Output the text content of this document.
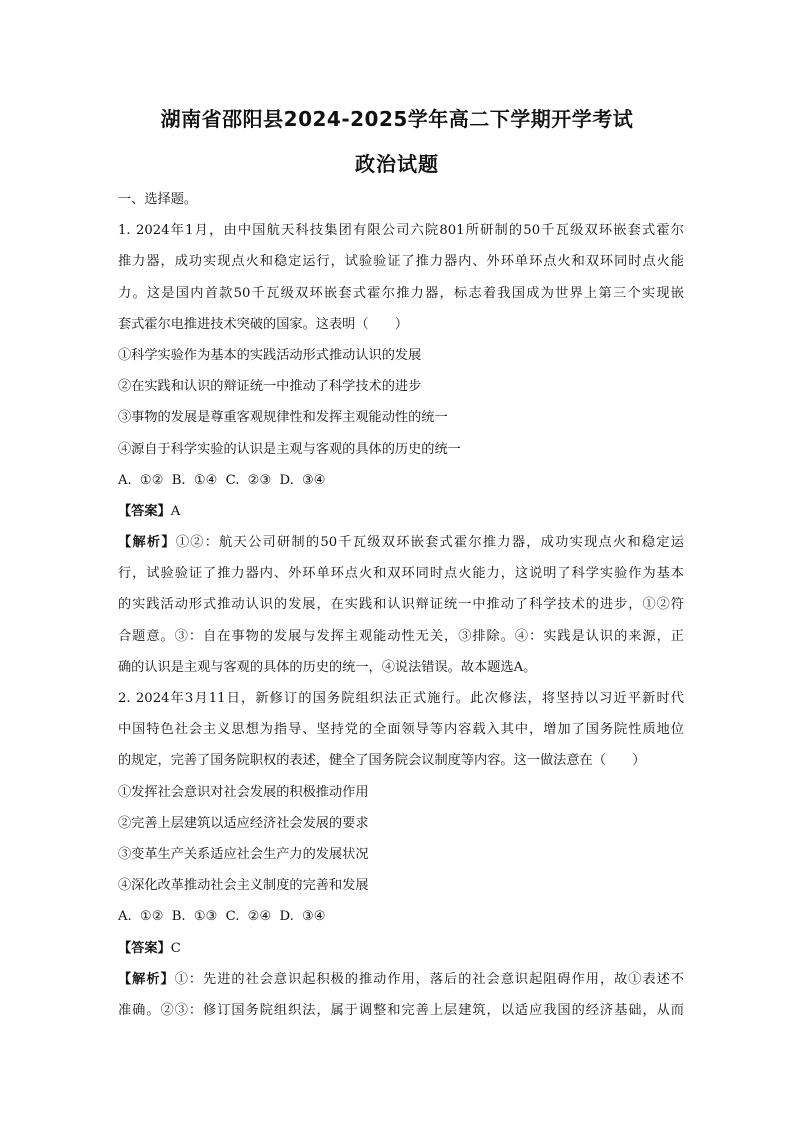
湖南省邵阳县2024-2025学年高二下学期开学考试
政治试题
一、选择题。
1. 2024年1月，由中国航天科技集团有限公司六院801所研制的50千瓦级双环嵌套式霍尔
推力器，成功实现点火和稳定运行，试验验证了推力器内、外环单环点火和双环同时点火能
力。这是国内首款50千瓦级双环嵌套式霍尔推力器，标志着我国成为世界上第三个实现嵌
套式霍尔电推进技术突破的国家。这表明（　　）
①科学实验作为基本的实践活动形式推动认识的发展
②在实践和认识的辩证统一中推动了科学技术的进步
③事物的发展是尊重客观规律性和发挥主观能动性的统一
④源自于科学实验的认识是主观与客观的具体的历史的统一
A. ①② B. ①④ C. ②③ D. ③④
【答案】A
【解析】①②：航天公司研制的50千瓦级双环嵌套式霍尔推力器，成功实现点火和稳定运
行，试验验证了推力器内、外环单环点火和双环同时点火能力，这说明了科学实验作为基本
的实践活动形式推动认识的发展，在实践和认识辩证统一中推动了科学技术的进步，①②符
合题意。③：自在事物的发展与发挥主观能动性无关，③排除。④：实践是认识的来源，正
确的认识是主观与客观的具体的历史的统一，④说法错误。故本题选A。
2. 2024年3月11日，新修订的国务院组织法正式施行。此次修法，将坚持以习近平新时代
中国特色社会主义思想为指导、坚持党的全面领导等内容载入其中，增加了国务院性质地位
的规定，完善了国务院职权的表述，健全了国务院会议制度等内容。这一做法意在（　　）
①发挥社会意识对社会发展的积极推动作用
②完善上层建筑以适应经济社会发展的要求
③变革生产关系适应社会生产力的发展状况
④深化改革推动社会主义制度的完善和发展
A. ①② B. ①③ C. ②④ D. ③④
【答案】C
【解析】①：先进的社会意识起积极的推动作用，落后的社会意识起阻碍作用，故①表述不
准确。②③：修订国务院组织法，属于调整和完善上层建筑，以适应我国的经济基础，从而
